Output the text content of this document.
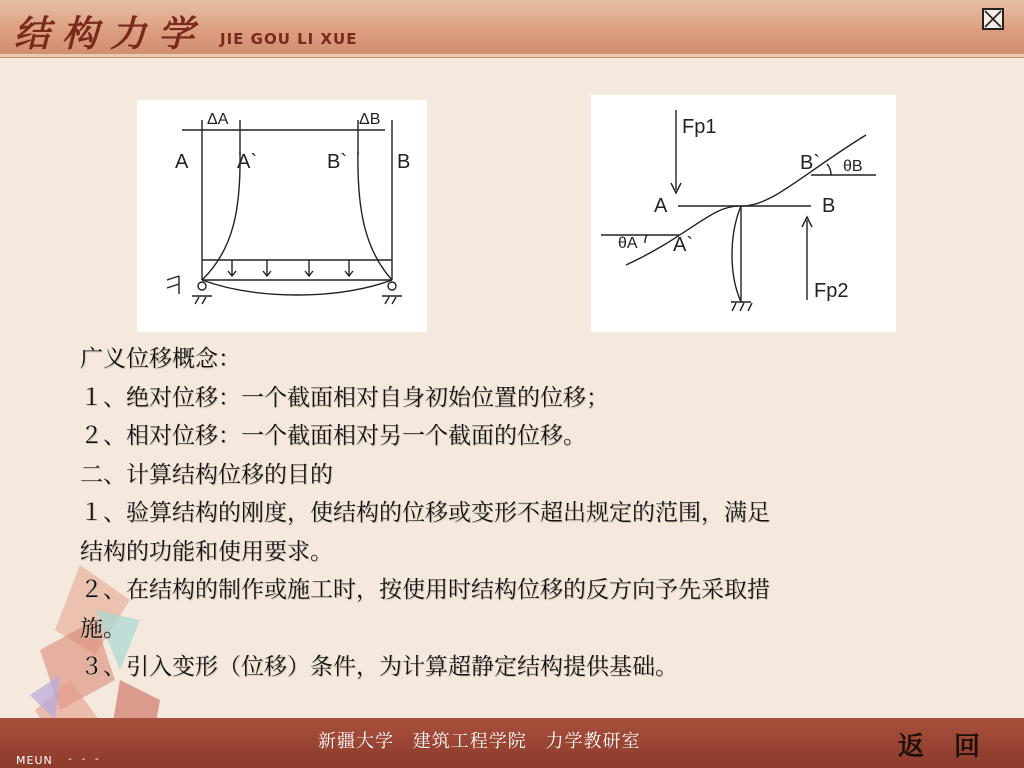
结构力学 JIE GOU LI XUE
ΔA	ΔB
A A`	B`	B
Fp1
Fp2
A	B
A`
B`
θA
θB

广义位移概念：

１、绝对位移：一个截面相对自身初始位置的位移；

２、相对位移：一个截面相对另一个截面的位移。

二、计算结构位移的目的

１、验算结构的刚度，使结构的位移或变形不超出规定的范围，满足

结构的功能和使用要求。

２、在结构的制作或施工时，按使用时结构位移的反方向予先采取措

施。

３、引入变形（位移）条件，为计算超静定结构提供基础。

新疆大学 建筑工程学院 力学教研室	返回
MEUN - - -
